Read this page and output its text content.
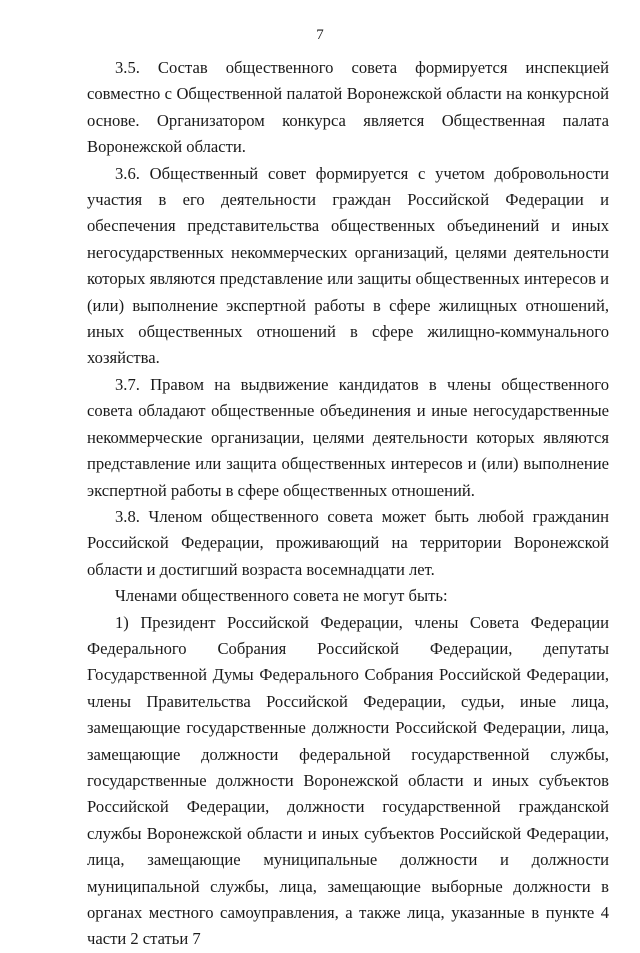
7

3.5. Состав общественного совета формируется инспекцией совместно с Общественной палатой Воронежской области на конкурсной основе. Организатором конкурса является Общественная палата Воронежской области.

3.6. Общественный совет формируется с учетом добровольности участия в его деятельности граждан Российской Федерации и обеспечения представительства общественных объединений и иных негосударственных некоммерческих организаций, целями деятельности которых являются представление или защиты общественных интересов и (или) выполнение экспертной работы в сфере жилищных отношений, иных общественных отношений в сфере жилищно-коммунального хозяйства.

3.7. Правом на выдвижение кандидатов в члены общественного совета обладают общественные объединения и иные негосударственные некоммерческие организации, целями деятельности которых являются представление или защита общественных интересов и (или) выполнение экспертной работы в сфере общественных отношений.

3.8. Членом общественного совета может быть любой гражданин Российской Федерации, проживающий на территории Воронежской области и достигший возраста восемнадцати лет.

Членами общественного совета не могут быть:

1) Президент Российской Федерации, члены Совета Федерации Федерального Собрания Российской Федерации, депутаты Государственной Думы Федерального Собрания Российской Федерации, члены Правительства Российской Федерации, судьи, иные лица, замещающие государственные должности Российской Федерации, лица, замещающие должности федеральной государственной службы, государственные должности Воронежской области и иных субъектов Российской Федерации, должности государственной гражданской службы Воронежской области и иных субъектов Российской Федерации, лица, замещающие муниципальные должности и должности муниципальной службы, лица, замещающие выборные должности в органах местного самоуправления, а также лица, указанные в пункте 4 части 2 статьи 7
